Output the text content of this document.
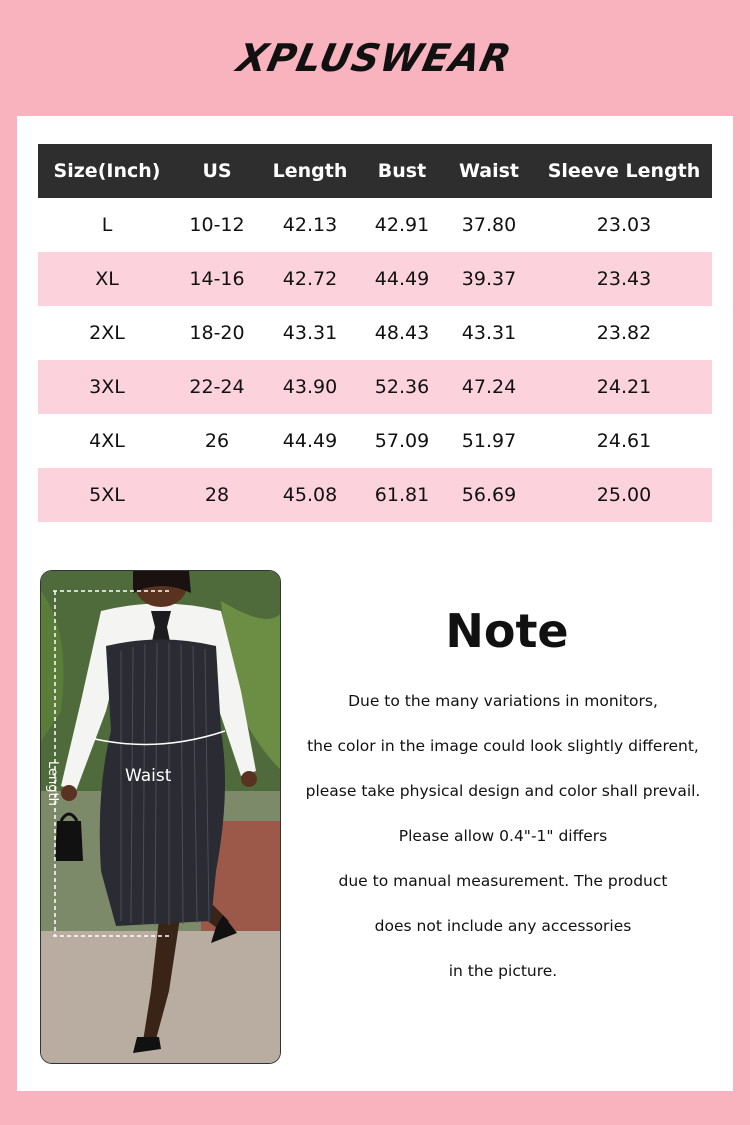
XPLUSWEAR
Size(Inch)	US	Length	Bust	Waist	Sleeve Length
L	10-12	42.13	42.91	37.80	23.03
XL	14-16	42.72	44.49	39.37	23.43
2XL	18-20	43.31	48.43	43.31	23.82
3XL	22-24	43.90	52.36	47.24	24.21
4XL	26	44.49	57.09	51.97	24.61
5XL	28	45.08	61.81	56.69	25.00
Length	Waist
Note
Due to the many variations in monitors,
the color in the image could look slightly different,
please take physical design and color shall prevail.
Please allow 0.4"-1" differs
due to manual measurement. The product
does not include any accessories
in the picture.
